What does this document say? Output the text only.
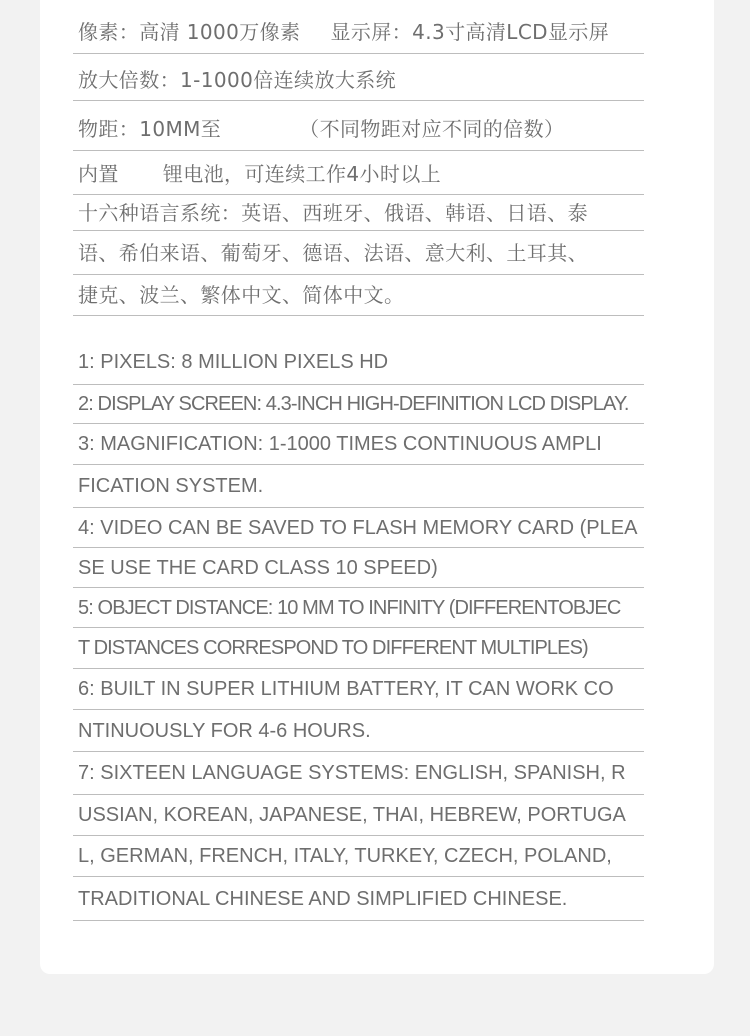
像素：高清 1000万像素 显示屏：4.3寸高清LCD显示屏
放大倍数：1-1000倍连续放大系统
物距：10MM至	（不同物距对应不同的倍数）
内置 锂电池，可连续工作4小时以上
十六种语言系统：英语、西班牙、俄语、韩语、日语、泰
语、希伯来语、葡萄牙、德语、法语、意大利、土耳其、
捷克、波兰、繁体中文、简体中文。
1: PIXELS: 8 MILLION PIXELS HD
2: DISPLAY SCREEN: 4.3-INCH HIGH-DEFINITION LCD DISPLAY.
3: MAGNIFICATION: 1-1000 TIMES CONTINUOUS AMPLI
FICATION SYSTEM.
4: VIDEO CAN BE SAVED TO FLASH MEMORY CARD (PLEA
SE USE THE CARD CLASS 10 SPEED)
5: OBJECT DISTANCE: 10 MM TO INFINITY (DIFFERENTOBJEC
T DISTANCES CORRESPOND TO DIFFERENT MULTIPLES)
6: BUILT IN SUPER LITHIUM BATTERY, IT CAN WORK CO
NTINUOUSLY FOR 4-6 HOURS.
7: SIXTEEN LANGUAGE SYSTEMS: ENGLISH, SPANISH, R
USSIAN, KOREAN, JAPANESE, THAI, HEBREW, PORTUGA
L, GERMAN, FRENCH, ITALY, TURKEY, CZECH, POLAND,
TRADITIONAL CHINESE AND SIMPLIFIED CHINESE.
